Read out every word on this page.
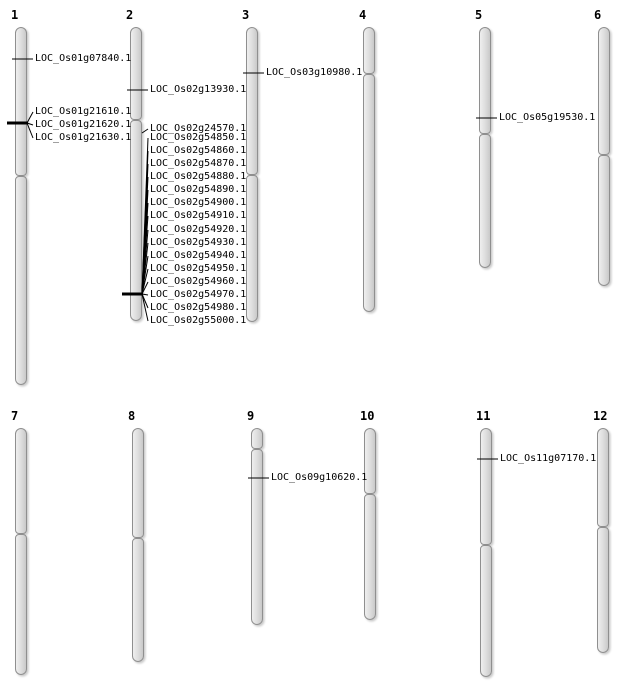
1
LOC_Os01g07840.1
LOC_Os01g21610.1
LOC_Os01g21620.1
LOC_Os01g21630.1
2
LOC_Os02g13930.1
LOC_Os02g24570.1
LOC_Os02g54850.1
LOC_Os02g54860.1
LOC_Os02g54870.1
LOC_Os02g54880.1
LOC_Os02g54890.1
LOC_Os02g54900.1
LOC_Os02g54910.1
LOC_Os02g54920.1
LOC_Os02g54930.1
LOC_Os02g54940.1
LOC_Os02g54950.1
LOC_Os02g54960.1
LOC_Os02g54970.1
LOC_Os02g54980.1
LOC_Os02g55000.1
3
LOC_Os03g10980.1
4	5
LOC_Os05g19530.1
6
7	8	9
LOC_Os09g10620.1
10	11
LOC_Os11g07170.1
12
